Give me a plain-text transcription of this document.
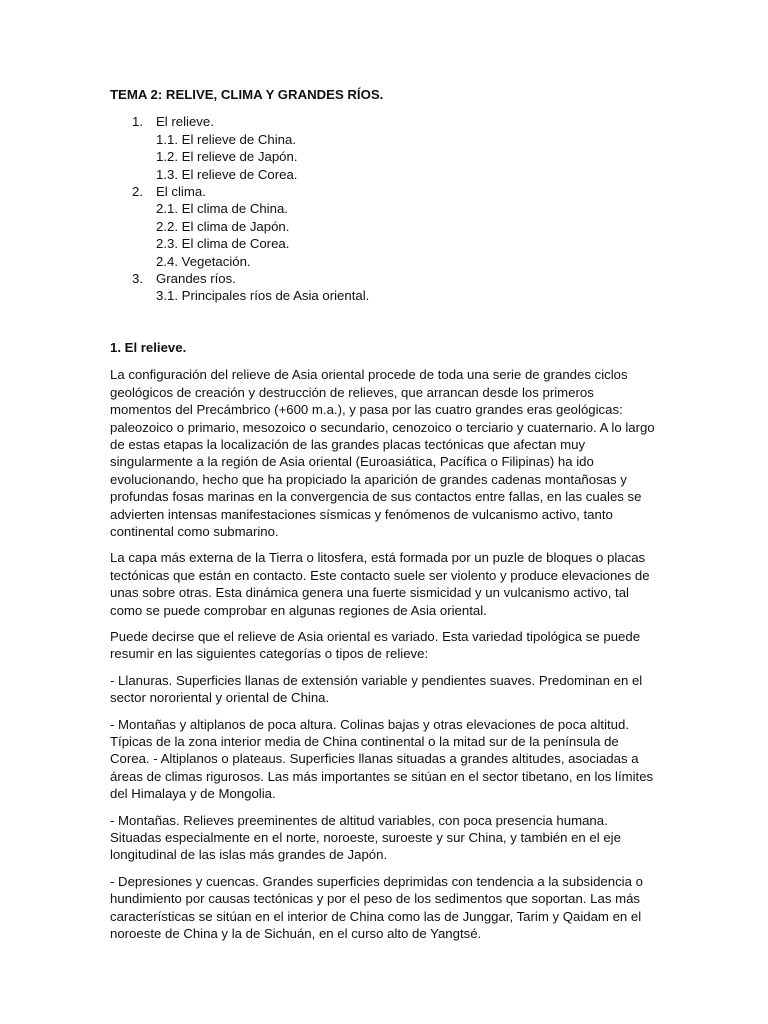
TEMA 2: RELIVE, CLIMA Y GRANDES RÍOS.
1. El relieve.
1.1. El relieve de China.
1.2. El relieve de Japón.
1.3. El relieve de Corea.
2. El clima.
2.1. El clima de China.
2.2. El clima de Japón.
2.3. El clima de Corea.
2.4. Vegetación.
3. Grandes ríos.
3.1. Principales ríos de Asia oriental.
1. El relieve.

La configuración del relieve de Asia oriental procede de toda una serie de grandes ciclos geológicos de creación y destrucción de relieves, que arrancan desde los primeros momentos del Precámbrico (+600 m.a.), y pasa por las cuatro grandes eras geológicas: paleozoico o primario, mesozoico o secundario, cenozoico o terciario y cuaternario. A lo largo de estas etapas la localización de las grandes placas tectónicas que afectan muy singularmente a la región de Asia oriental (Euroasiática, Pacífica o Filipinas) ha ido evolucionando, hecho que ha propiciado la aparición de grandes cadenas montañosas y profundas fosas marinas en la convergencia de sus contactos entre fallas, en las cuales se advierten intensas manifestaciones sísmicas y fenómenos de vulcanismo activo, tanto continental como submarino.

La capa más externa de la Tierra o litosfera, está formada por un puzle de bloques o placas tectónicas que están en contacto. Este contacto suele ser violento y produce elevaciones de unas sobre otras. Esta dinámica genera una fuerte sismicidad y un vulcanismo activo, tal como se puede comprobar en algunas regiones de Asia oriental.

Puede decirse que el relieve de Asia oriental es variado. Esta variedad tipológica se puede resumir en las siguientes categorías o tipos de relieve:

- Llanuras. Superficies llanas de extensión variable y pendientes suaves. Predominan en el sector nororiental y oriental de China.

- Montañas y altiplanos de poca altura. Colinas bajas y otras elevaciones de poca altitud. Típicas de la zona interior media de China continental o la mitad sur de la península de Corea. - Altiplanos o plateaus. Superficies llanas situadas a grandes altitudes, asociadas a áreas de climas rigurosos. Las más importantes se sitúan en el sector tibetano, en los límites del Himalaya y de Mongolia.

- Montañas. Relieves preeminentes de altitud variables, con poca presencia humana. Situadas especialmente en el norte, noroeste, suroeste y sur China, y también en el eje longitudinal de las islas más grandes de Japón.

- Depresiones y cuencas. Grandes superficies deprimidas con tendencia a la subsidencia o hundimiento por causas tectónicas y por el peso de los sedimentos que soportan. Las más características se sitúan en el interior de China como las de Junggar, Tarim y Qaidam en el noroeste de China y la de Sichuán, en el curso alto de Yangtsé.
